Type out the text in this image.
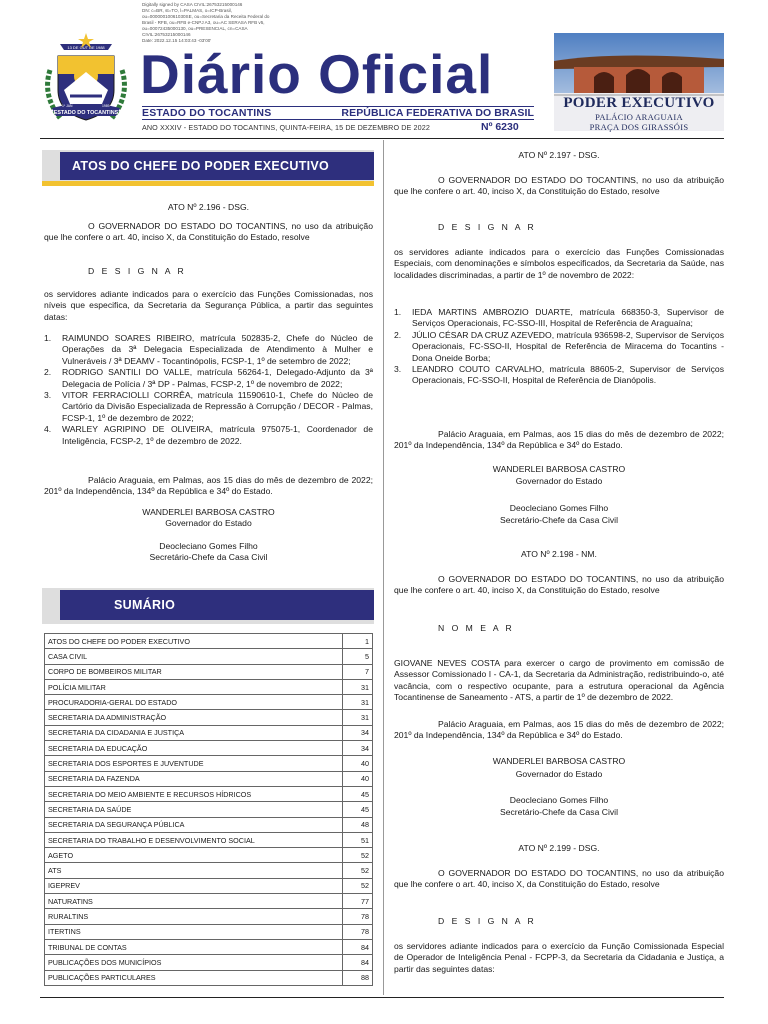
Digitally signed by CASA CIVIL:26753215000146
DN: c=BR, st=TO, l=PALMAS, o=ICP-Brasil,
ou=00000010061030SE, ou=Secretaria da Receita Federal do
Brasil - RFB, ou=RFB e-CNPJ A3, ou=AC SERASA RFB v5,
ou=00072435000130, ou=PRESENCIAL, cn=CASA
CIVIL:26753215000146
Date: 2022.12.15 14:03:43 -03'00'
13 DE OUT DE 1988
1º JAN	1989
ESTADO DO TOCANTINS
Diário Oficial
ESTADO DO TOCANTINS	REPÚBLICA FEDERATIVA DO BRASIL
ANO XXXIV - ESTADO DO TOCANTINS, QUINTA-FEIRA, 15 DE DEZEMBRO DE 2022	Nº 6230
PODER EXECUTIVO
PALÁCIO ARAGUAIA
PRAÇA DOS GIRASSÓIS
ATOS DO CHEFE DO PODER EXECUTIVO
ATO Nº 2.196 - DSG.
O GOVERNADOR DO ESTADO DO TOCANTINS, no uso da atribuição que lhe confere o art. 40, inciso X, da Constituição do Estado, resolve
D E S I G N A R
os servidores adiante indicados para o exercício das Funções Comissionadas, nos níveis que especifica, da Secretaria da Segurança Pública, a partir das seguintes datas:
1. RAIMUNDO SOARES RIBEIRO, matrícula 502835-2, Chefe do Núcleo de Operações da 3ª Delegacia Especializada de Atendimento à Mulher e Vulneráveis / 3ª DEAMV - Tocantinópolis, FCSP-1, 1º de setembro de 2022;
2. RODRIGO SANTILI DO VALLE, matrícula 56264-1, Delegado-Adjunto da 3ª Delegacia de Polícia / 3ª DP - Palmas, FCSP-2, 1º de novembro de 2022;
3. VITOR FERRACIOLLI CORRÊA, matrícula 11590610-1, Chefe do Núcleo de Cartório da Divisão Especializada de Repressão à Corrupção / DECOR - Palmas, FCSP-1, 1º de dezembro de 2022;
4. WARLEY AGRIPINO DE OLIVEIRA, matrícula 975075-1, Coordenador de Inteligência, FCSP-2, 1º de dezembro de 2022.
Palácio Araguaia, em Palmas, aos 15 dias do mês de dezembro de 2022; 201º da Independência, 134º da República e 34º do Estado.
WANDERLEI BARBOSA CASTRO
Governador do Estado
Deocleciano Gomes Filho
Secretário-Chefe da Casa Civil
SUMÁRIO
ATOS DO CHEFE DO PODER EXECUTIVO	1
CASA CIVIL	5
CORPO DE BOMBEIROS MILITAR	7
POLÍCIA MILITAR	31
PROCURADORIA-GERAL DO ESTADO	31
SECRETARIA DA ADMINISTRAÇÃO	31
SECRETARIA DA CIDADANIA E JUSTIÇA	34
SECRETARIA DA EDUCAÇÃO	34
SECRETARIA DOS ESPORTES E JUVENTUDE	40
SECRETARIA DA FAZENDA	40
SECRETARIA DO MEIO AMBIENTE E RECURSOS HÍDRICOS	45
SECRETARIA DA SAÚDE	45
SECRETARIA DA SEGURANÇA PÚBLICA	48
SECRETARIA DO TRABALHO E DESENVOLVIMENTO SOCIAL	51
AGETO	52
ATS	52
IGEPREV	52
NATURATINS	77
RURALTINS	78
ITERTINS	78
TRIBUNAL DE CONTAS	84
PUBLICAÇÕES DOS MUNICÍPIOS	84
PUBLICAÇÕES PARTICULARES	88
ATO Nº 2.197 - DSG.
O GOVERNADOR DO ESTADO DO TOCANTINS, no uso da atribuição que lhe confere o art. 40, inciso X, da Constituição do Estado, resolve
D E S I G N A R
os servidores adiante indicados para o exercício das Funções Comissionadas Especiais, com denominações e símbolos especificados, da Secretaria da Saúde, nas localidades discriminadas, a partir de 1º de novembro de 2022:
1. IEDA MARTINS AMBROZIO DUARTE, matrícula 668350-3, Supervisor de Serviços Operacionais, FC-SSO-III, Hospital de Referência de Araguaína;
2. JÚLIO CÉSAR DA CRUZ AZEVEDO, matrícula 936598-2, Supervisor de Serviços Operacionais, FC-SSO-II, Hospital de Referência de Miracema do Tocantins - Dona Oneide Borba;
3. LEANDRO COUTO CARVALHO, matrícula 88605-2, Supervisor de Serviços Operacionais, FC-SSO-II, Hospital de Referência de Dianópolis.
Palácio Araguaia, em Palmas, aos 15 dias do mês de dezembro de 2022; 201º da Independência, 134º da República e 34º do Estado.
WANDERLEI BARBOSA CASTRO
Governador do Estado
Deocleciano Gomes Filho
Secretário-Chefe da Casa Civil
ATO Nº 2.198 - NM.
O GOVERNADOR DO ESTADO DO TOCANTINS, no uso da atribuição que lhe confere o art. 40, inciso X, da Constituição do Estado, resolve
N O M E A R
GIOVANE NEVES COSTA para exercer o cargo de provimento em comissão de Assessor Comissionado I - CA-1, da Secretaria da Administração, redistribuindo-o, até vacância, com o respectivo ocupante, para a estrutura operacional da Agência Tocantinense de Saneamento - ATS, a partir de 1º de dezembro de 2022.
Palácio Araguaia, em Palmas, aos 15 dias do mês de dezembro de 2022; 201º da Independência, 134º da República e 34º do Estado.
WANDERLEI BARBOSA CASTRO
Governador do Estado
Deocleciano Gomes Filho
Secretário-Chefe da Casa Civil
ATO Nº 2.199 - DSG.
O GOVERNADOR DO ESTADO DO TOCANTINS, no uso da atribuição que lhe confere o art. 40, inciso X, da Constituição do Estado, resolve
D E S I G N A R
os servidores adiante indicados para o exercício da Função Comissionada Especial de Operador de Inteligência Penal - FCPP-3, da Secretaria da Cidadania e Justiça, a partir das seguintes datas:
